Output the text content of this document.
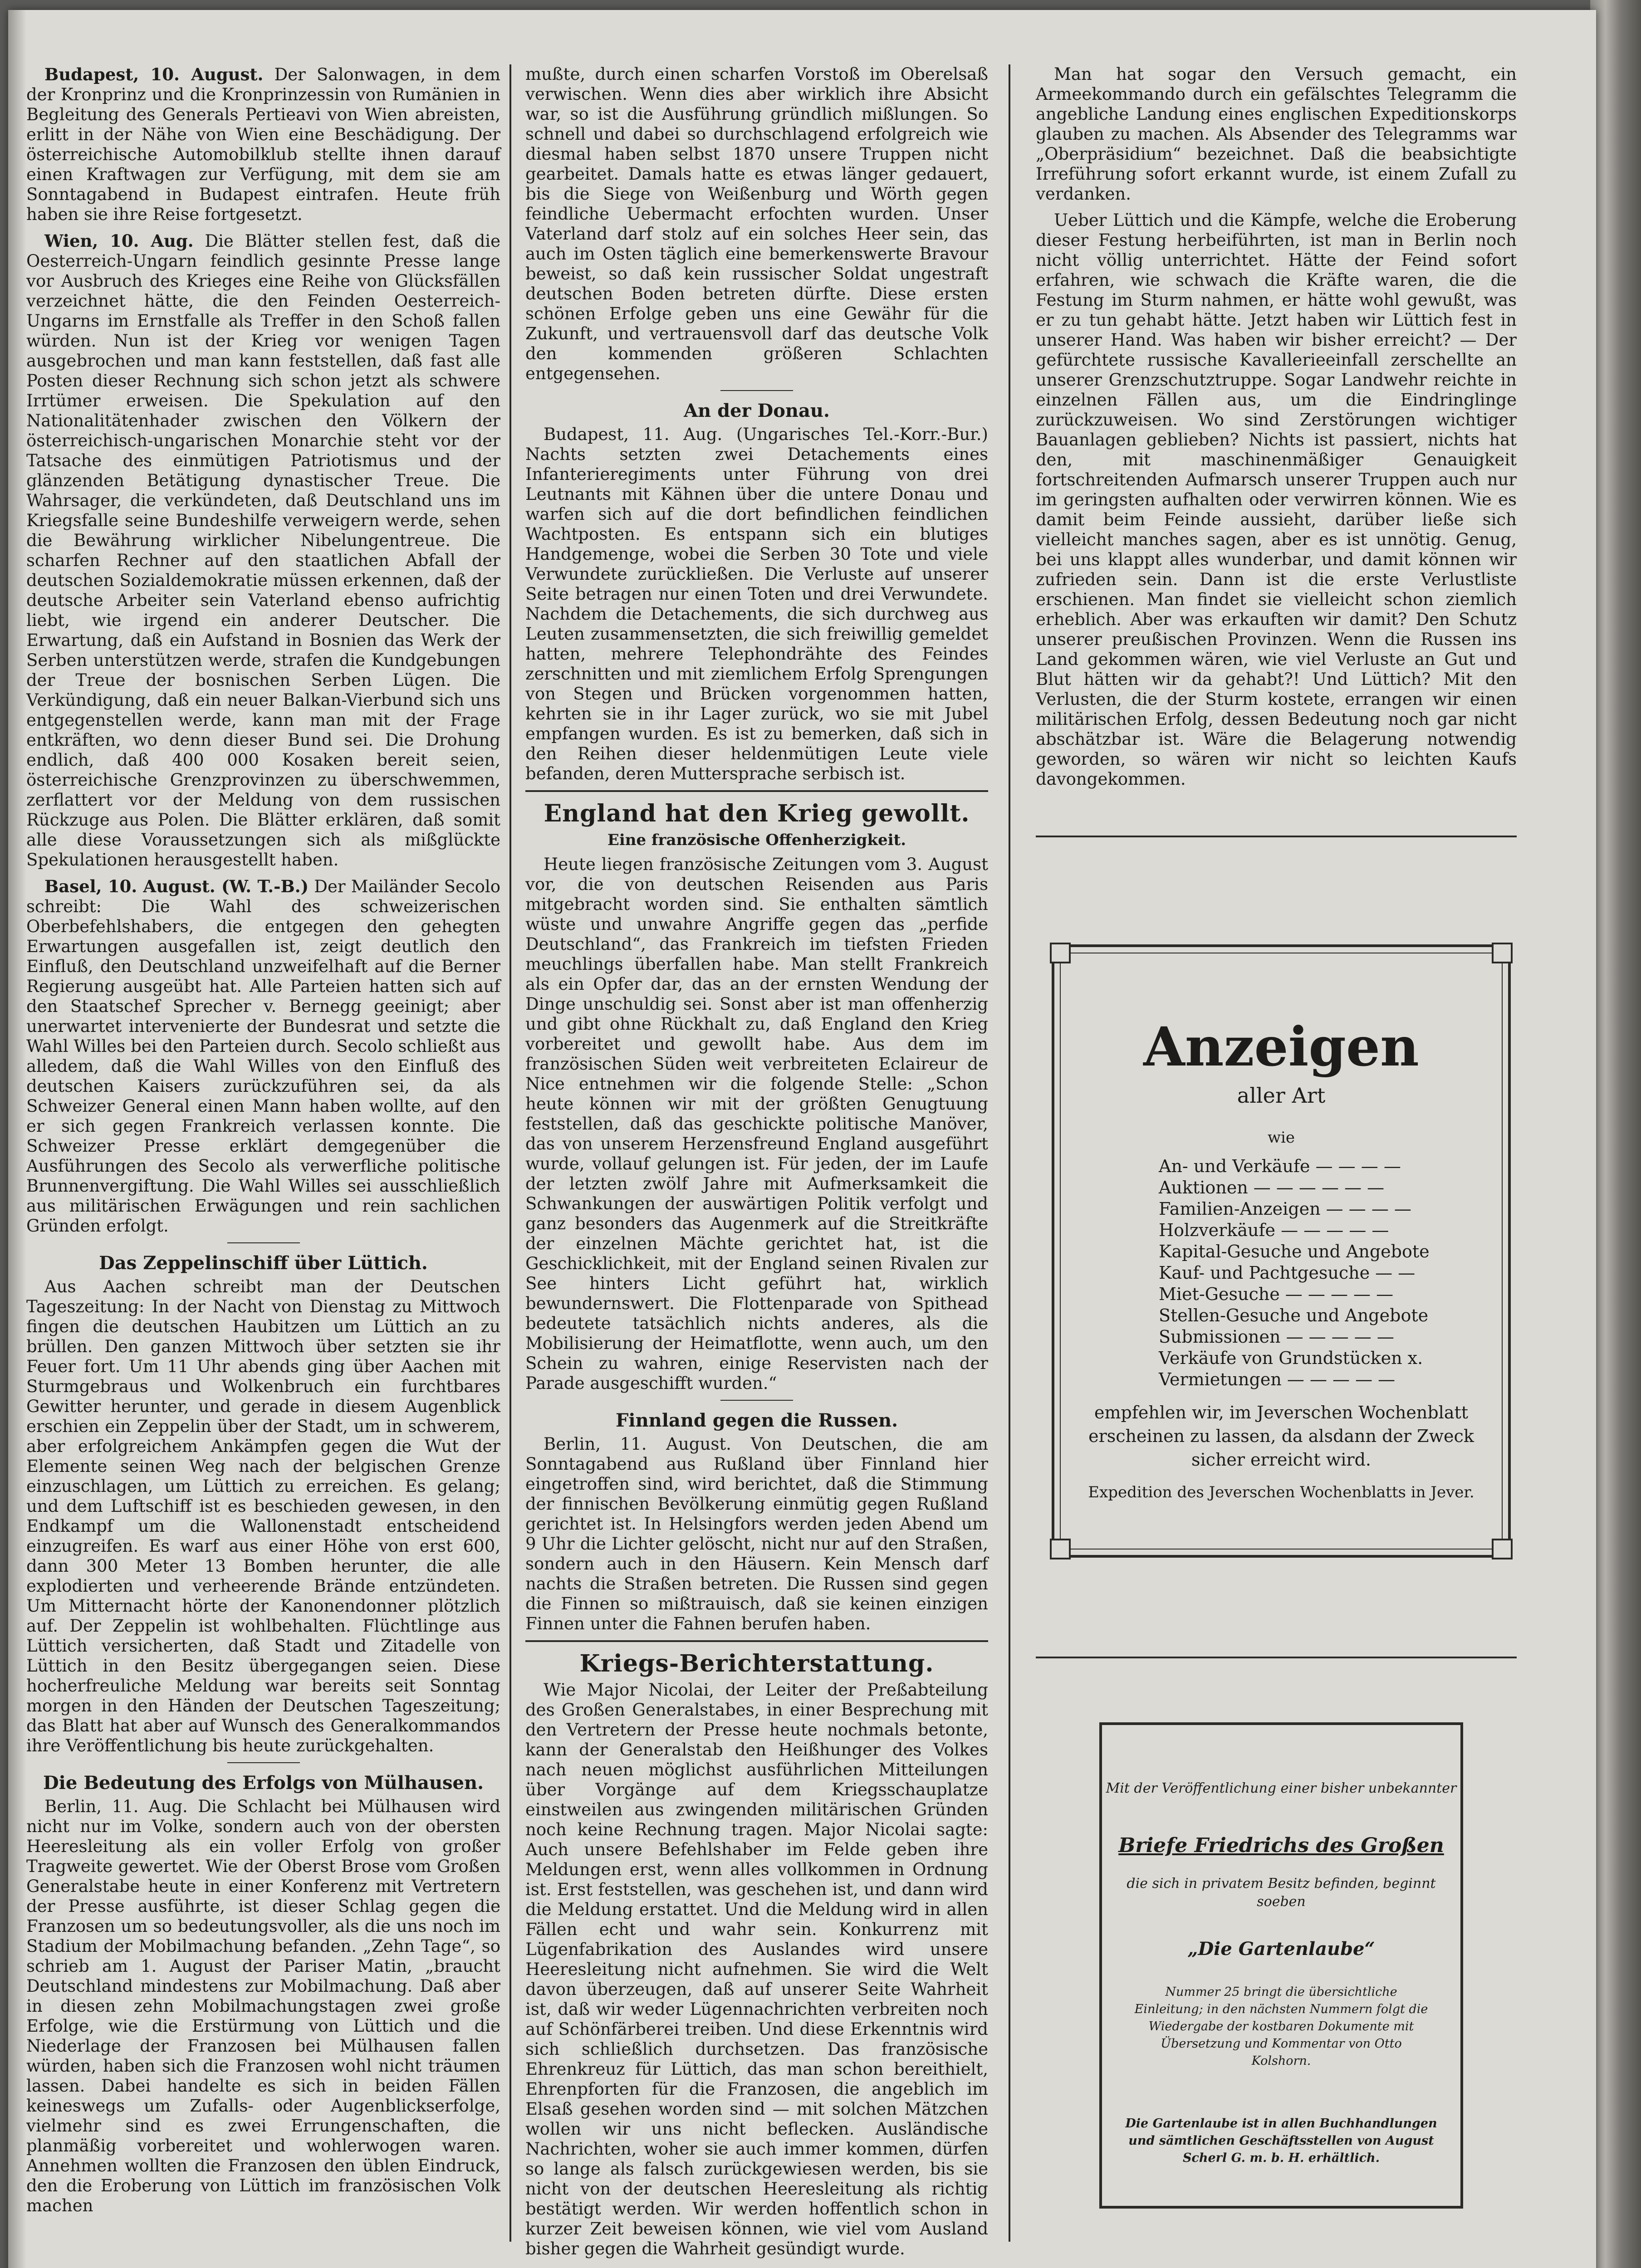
Budapest, 10. August. Der Salonwagen, in dem der Kronprinz und die Kronprinzessin von Rumänien in Begleitung des Generals Pertieavi von Wien abreisten, erlitt in der Nähe von Wien eine Beschädigung. Der österreichische Automobilklub stellte ihnen darauf einen Kraftwagen zur Verfügung, mit dem sie am Sonntagabend in Budapest eintrafen. Heute früh haben sie ihre Reise fortgesetzt.

Wien, 10. Aug. Die Blätter stellen fest, daß die Oesterreich-Ungarn feindlich gesinnte Presse lange vor Ausbruch des Krieges eine Reihe von Glücksfällen verzeichnet hätte, die den Feinden Oesterreich-Ungarns im Ernstfalle als Treffer in den Schoß fallen würden. Nun ist der Krieg vor wenigen Tagen ausgebrochen und man kann feststellen, daß fast alle Posten dieser Rechnung sich schon jetzt als schwere Irrtümer erweisen. Die Spekulation auf den Nationalitätenhader zwischen den Völkern der österreichisch-ungarischen Monarchie steht vor der Tatsache des einmütigen Patriotismus und der glänzenden Betätigung dynastischer Treue. Die Wahrsager, die verkündeten, daß Deutschland uns im Kriegsfalle seine Bundeshilfe verweigern werde, sehen die Bewährung wirklicher Nibelungentreue. Die scharfen Rechner auf den staatlichen Abfall der deutschen Sozialdemokratie müssen erkennen, daß der deutsche Arbeiter sein Vaterland ebenso aufrichtig liebt, wie irgend ein anderer Deutscher. Die Erwartung, daß ein Aufstand in Bosnien das Werk der Serben unterstützen werde, strafen die Kundgebungen der Treue der bosnischen Serben Lügen. Die Verkündigung, daß ein neuer Balkan-Vierbund sich uns entgegenstellen werde, kann man mit der Frage entkräften, wo denn dieser Bund sei. Die Drohung endlich, daß 400 000 Kosaken bereit seien, österreichische Grenzprovinzen zu überschwemmen, zerflattert vor der Meldung von dem russischen Rückzuge aus Polen. Die Blätter erklären, daß somit alle diese Voraussetzungen sich als mißglückte Spekulationen herausgestellt haben.

Basel, 10. August. (W. T.-B.) Der Mailänder Secolo schreibt: Die Wahl des schweizerischen Oberbefehlshabers, die entgegen den gehegten Erwartungen ausgefallen ist, zeigt deutlich den Einfluß, den Deutschland unzweifelhaft auf die Berner Regierung ausgeübt hat. Alle Parteien hatten sich auf den Staatschef Sprecher v. Bernegg geeinigt; aber unerwartet intervenierte der Bundesrat und setzte die Wahl Willes bei den Parteien durch. Secolo schließt aus alledem, daß die Wahl Willes von den Einfluß des deutschen Kaisers zurückzuführen sei, da als Schweizer General einen Mann haben wollte, auf den er sich gegen Frankreich verlassen konnte. Die Schweizer Presse erklärt demgegenüber die Ausführungen des Secolo als verwerfliche politische Brunnenvergiftung. Die Wahl Willes sei ausschließlich aus militärischen Erwägungen und rein sachlichen Gründen erfolgt.

Das Zeppelinschiff über Lüttich.

Aus Aachen schreibt man der Deutschen Tageszeitung: In der Nacht von Dienstag zu Mittwoch fingen die deutschen Haubitzen um Lüttich an zu brüllen. Den ganzen Mittwoch über setzten sie ihr Feuer fort. Um 11 Uhr abends ging über Aachen mit Sturmgebraus und Wolkenbruch ein furchtbares Gewitter herunter, und gerade in diesem Augenblick erschien ein Zeppelin über der Stadt, um in schwerem, aber erfolgreichem Ankämpfen gegen die Wut der Elemente seinen Weg nach der belgischen Grenze einzuschlagen, um Lüttich zu erreichen. Es gelang; und dem Luftschiff ist es beschieden gewesen, in den Endkampf um die Wallonenstadt entscheidend einzugreifen. Es warf aus einer Höhe von erst 600, dann 300 Meter 13 Bomben herunter, die alle explodierten und verheerende Brände entzündeten. Um Mitternacht hörte der Kanonendonner plötzlich auf. Der Zeppelin ist wohlbehalten. Flüchtlinge aus Lüttich versicherten, daß Stadt und Zitadelle von Lüttich in den Besitz übergegangen seien. Diese hocherfreuliche Meldung war bereits seit Sonntag morgen in den Händen der Deutschen Tageszeitung; das Blatt hat aber auf Wunsch des Generalkommandos ihre Veröffentlichung bis heute zurückgehalten.

Die Bedeutung des Erfolgs von Mülhausen.

Berlin, 11. Aug. Die Schlacht bei Mülhausen wird nicht nur im Volke, sondern auch von der obersten Heeresleitung als ein voller Erfolg von großer Tragweite gewertet. Wie der Oberst Brose vom Großen Generalstabe heute in einer Konferenz mit Vertretern der Presse ausführte, ist dieser Schlag gegen die Franzosen um so bedeutungsvoller, als die uns noch im Stadium der Mobilmachung befanden. „Zehn Tage“, so schrieb am 1. August der Pariser Matin, „braucht Deutschland mindestens zur Mobilmachung. Daß aber in diesen zehn Mobilmachungstagen zwei große Erfolge, wie die Erstürmung von Lüttich und die Niederlage der Franzosen bei Mülhausen fallen würden, haben sich die Franzosen wohl nicht träumen lassen. Dabei handelte es sich in beiden Fällen keineswegs um Zufalls- oder Augenblickserfolge, vielmehr sind es zwei Errungenschaften, die planmäßig vorbereitet und wohlerwogen waren. Annehmen wollten die Franzosen den üblen Eindruck, den die Eroberung von Lüttich im französischen Volk machen

mußte, durch einen scharfen Vorstoß im Oberelsaß verwischen. Wenn dies aber wirklich ihre Absicht war, so ist die Ausführung gründlich mißlungen. So schnell und dabei so durchschlagend erfolgreich wie diesmal haben selbst 1870 unsere Truppen nicht gearbeitet. Damals hatte es etwas länger gedauert, bis die Siege von Weißenburg und Wörth gegen feindliche Uebermacht erfochten wurden. Unser Vaterland darf stolz auf ein solches Heer sein, das auch im Osten täglich eine bemerkenswerte Bravour beweist, so daß kein russischer Soldat ungestraft deutschen Boden betreten dürfte. Diese ersten schönen Erfolge geben uns eine Gewähr für die Zukunft, und vertrauensvoll darf das deutsche Volk den kommenden größeren Schlachten entgegensehen.

An der Donau.

Budapest, 11. Aug. (Ungarisches Tel.-Korr.-Bur.) Nachts setzten zwei Detachements eines Infanterieregiments unter Führung von drei Leutnants mit Kähnen über die untere Donau und warfen sich auf die dort befindlichen feindlichen Wachtposten. Es entspann sich ein blutiges Handgemenge, wobei die Serben 30 Tote und viele Verwundete zurückließen. Die Verluste auf unserer Seite betragen nur einen Toten und drei Verwundete. Nachdem die Detachements, die sich durchweg aus Leuten zusammensetzten, die sich freiwillig gemeldet hatten, mehrere Telephondrähte des Feindes zerschnitten und mit ziemlichem Erfolg Sprengungen von Stegen und Brücken vorgenommen hatten, kehrten sie in ihr Lager zurück, wo sie mit Jubel empfangen wurden. Es ist zu bemerken, daß sich in den Reihen dieser heldenmütigen Leute viele befanden, deren Muttersprache serbisch ist.

England hat den Krieg gewollt.
Eine französische Offenherzigkeit.

Heute liegen französische Zeitungen vom 3. August vor, die von deutschen Reisenden aus Paris mitgebracht worden sind. Sie enthalten sämtlich wüste und unwahre Angriffe gegen das „perfide Deutschland“, das Frankreich im tiefsten Frieden meuchlings überfallen habe. Man stellt Frankreich als ein Opfer dar, das an der ernsten Wendung der Dinge unschuldig sei. Sonst aber ist man offenherzig und gibt ohne Rückhalt zu, daß England den Krieg vorbereitet und gewollt habe. Aus dem im französischen Süden weit verbreiteten Eclaireur de Nice entnehmen wir die folgende Stelle: „Schon heute können wir mit der größten Genugtuung feststellen, daß das geschickte politische Manöver, das von unserem Herzensfreund England ausgeführt wurde, vollauf gelungen ist. Für jeden, der im Laufe der letzten zwölf Jahre mit Aufmerksamkeit die Schwankungen der auswärtigen Politik verfolgt und ganz besonders das Augenmerk auf die Streitkräfte der einzelnen Mächte gerichtet hat, ist die Geschicklichkeit, mit der England seinen Rivalen zur See hinters Licht geführt hat, wirklich bewundernswert. Die Flottenparade von Spithead bedeutete tatsächlich nichts anderes, als die Mobilisierung der Heimatflotte, wenn auch, um den Schein zu wahren, einige Reservisten nach der Parade ausgeschifft wurden.“

Finnland gegen die Russen.

Berlin, 11. August. Von Deutschen, die am Sonntagabend aus Rußland über Finnland hier eingetroffen sind, wird berichtet, daß die Stimmung der finnischen Bevölkerung einmütig gegen Rußland gerichtet ist. In Helsingfors werden jeden Abend um 9 Uhr die Lichter gelöscht, nicht nur auf den Straßen, sondern auch in den Häusern. Kein Mensch darf nachts die Straßen betreten. Die Russen sind gegen die Finnen so mißtrauisch, daß sie keinen einzigen Finnen unter die Fahnen berufen haben.

Kriegs-Berichterstattung.

Wie Major Nicolai, der Leiter der Preßabteilung des Großen Generalstabes, in einer Besprechung mit den Vertretern der Presse heute nochmals betonte, kann der Generalstab den Heißhunger des Volkes nach neuen möglichst ausführlichen Mitteilungen über Vorgänge auf dem Kriegsschauplatze einstweilen aus zwingenden militärischen Gründen noch keine Rechnung tragen. Major Nicolai sagte: Auch unsere Befehlshaber im Felde geben ihre Meldungen erst, wenn alles vollkommen in Ordnung ist. Erst feststellen, was geschehen ist, und dann wird die Meldung erstattet. Und die Meldung wird in allen Fällen echt und wahr sein. Konkurrenz mit Lügenfabrikation des Auslandes wird unsere Heeresleitung nicht aufnehmen. Sie wird die Welt davon überzeugen, daß auf unserer Seite Wahrheit ist, daß wir weder Lügennachrichten verbreiten noch auf Schönfärberei treiben. Und diese Erkenntnis wird sich schließlich durchsetzen. Das französische Ehrenkreuz für Lüttich, das man schon bereithielt, Ehrenpforten für die Franzosen, die angeblich im Elsaß gesehen worden sind — mit solchen Mätzchen wollen wir uns nicht beflecken. Ausländische Nachrichten, woher sie auch immer kommen, dürfen so lange als falsch zurückgewiesen werden, bis sie nicht von der deutschen Heeresleitung als richtig bestätigt werden. Wir werden hoffentlich schon in kurzer Zeit beweisen können, wie viel vom Ausland bisher gegen die Wahrheit gesündigt wurde.

Man hat sogar den Versuch gemacht, ein Armeekommando durch ein gefälschtes Telegramm die angebliche Landung eines englischen Expeditionskorps glauben zu machen. Als Absender des Telegramms war „Oberpräsidium“ bezeichnet. Daß die beabsichtigte Irreführung sofort erkannt wurde, ist einem Zufall zu verdanken.

Ueber Lüttich und die Kämpfe, welche die Eroberung dieser Festung herbeiführten, ist man in Berlin noch nicht völlig unterrichtet. Hätte der Feind sofort erfahren, wie schwach die Kräfte waren, die die Festung im Sturm nahmen, er hätte wohl gewußt, was er zu tun gehabt hätte. Jetzt haben wir Lüttich fest in unserer Hand. Was haben wir bisher erreicht? — Der gefürchtete russische Kavallerieeinfall zerschellte an unserer Grenzschutztruppe. Sogar Landwehr reichte in einzelnen Fällen aus, um die Eindringlinge zurückzuweisen. Wo sind Zerstörungen wichtiger Bauanlagen geblieben? Nichts ist passiert, nichts hat den, mit maschinenmäßiger Genauigkeit fortschreitenden Aufmarsch unserer Truppen auch nur im geringsten aufhalten oder verwirren können. Wie es damit beim Feinde aussieht, darüber ließe sich vielleicht manches sagen, aber es ist unnötig. Genug, bei uns klappt alles wunderbar, und damit können wir zufrieden sein. Dann ist die erste Verlustliste erschienen. Man findet sie vielleicht schon ziemlich erheblich. Aber was erkauften wir damit? Den Schutz unserer preußischen Provinzen. Wenn die Russen ins Land gekommen wären, wie viel Verluste an Gut und Blut hätten wir da gehabt?! Und Lüttich? Mit den Verlusten, die der Sturm kostete, errangen wir einen militärischen Erfolg, dessen Bedeutung noch gar nicht abschätzbar ist. Wäre die Belagerung notwendig geworden, so wären wir nicht so leichten Kaufs davongekommen.

Anzeigen
aller Art
wie
An- und Verkäufe — — — —
Auktionen — — — — — —
Familien-Anzeigen — — — —
Holzverkäufe — — — — —
Kapital-Gesuche und Angebote
Kauf- und Pachtgesuche — —
Miet-Gesuche — — — — —
Stellen-Gesuche und Angebote
Submissionen — — — — —
Verkäufe von Grundstücken x.
Vermietungen — — — — —
empfehlen wir, im Jeverschen Wochenblatt erscheinen zu lassen, da alsdann der Zweck sicher erreicht wird.
Expedition des Jeverschen Wochenblatts in Jever.
Mit der Veröffentlichung einer bisher unbekannter
Briefe Friedrichs des Großen
die sich in privatem Besitz befinden, beginnt soeben
„Die Gartenlaube“
Nummer 25 bringt die übersichtliche Einleitung; in den nächsten Nummern folgt die Wiedergabe der kostbaren Dokumente mit Übersetzung und Kommentar von Otto Kolshorn.
Die Gartenlaube ist in allen Buchhandlungen und sämtlichen Geschäftsstellen von August Scherl G. m. b. H. erhältlich.
